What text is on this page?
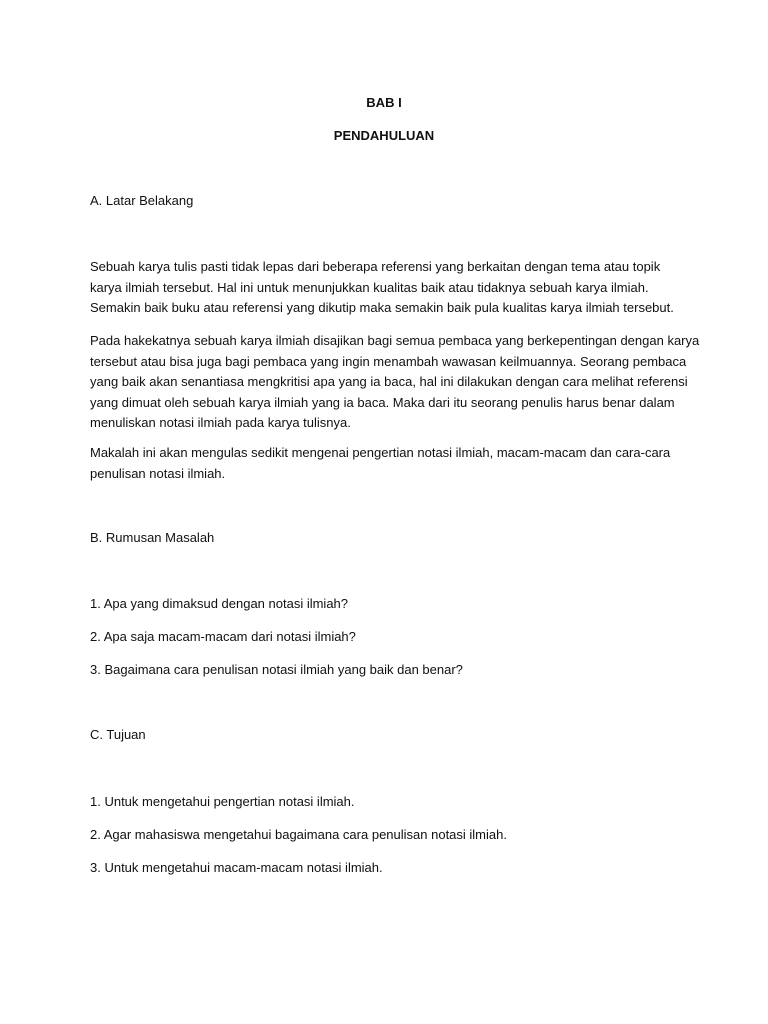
BAB I
PENDAHULUAN
A. Latar Belakang
Sebuah karya tulis pasti tidak lepas dari beberapa referensi yang berkaitan dengan tema atau topik
karya ilmiah tersebut. Hal ini untuk menunjukkan kualitas baik atau tidaknya sebuah karya ilmiah.
Semakin baik buku atau referensi yang dikutip maka semakin baik pula kualitas karya ilmiah tersebut.
Pada hakekatnya sebuah karya ilmiah disajikan bagi semua pembaca yang berkepentingan dengan karya
tersebut atau bisa juga bagi pembaca yang ingin menambah wawasan keilmuannya. Seorang pembaca
yang baik akan senantiasa mengkritisi apa yang ia baca, hal ini dilakukan dengan cara melihat referensi
yang dimuat oleh sebuah karya ilmiah yang ia baca. Maka dari itu seorang penulis harus benar dalam
menuliskan notasi ilmiah pada karya tulisnya.
Makalah ini akan mengulas sedikit mengenai pengertian notasi ilmiah, macam-macam dan cara-cara
penulisan notasi ilmiah.
B. Rumusan Masalah
1. Apa yang dimaksud dengan notasi ilmiah?
2. Apa saja macam-macam dari notasi ilmiah?
3. Bagaimana cara penulisan notasi ilmiah yang baik dan benar?
C. Tujuan
1. Untuk mengetahui pengertian notasi ilmiah.
2. Agar mahasiswa mengetahui bagaimana cara penulisan notasi ilmiah.
3. Untuk mengetahui macam-macam notasi ilmiah.
